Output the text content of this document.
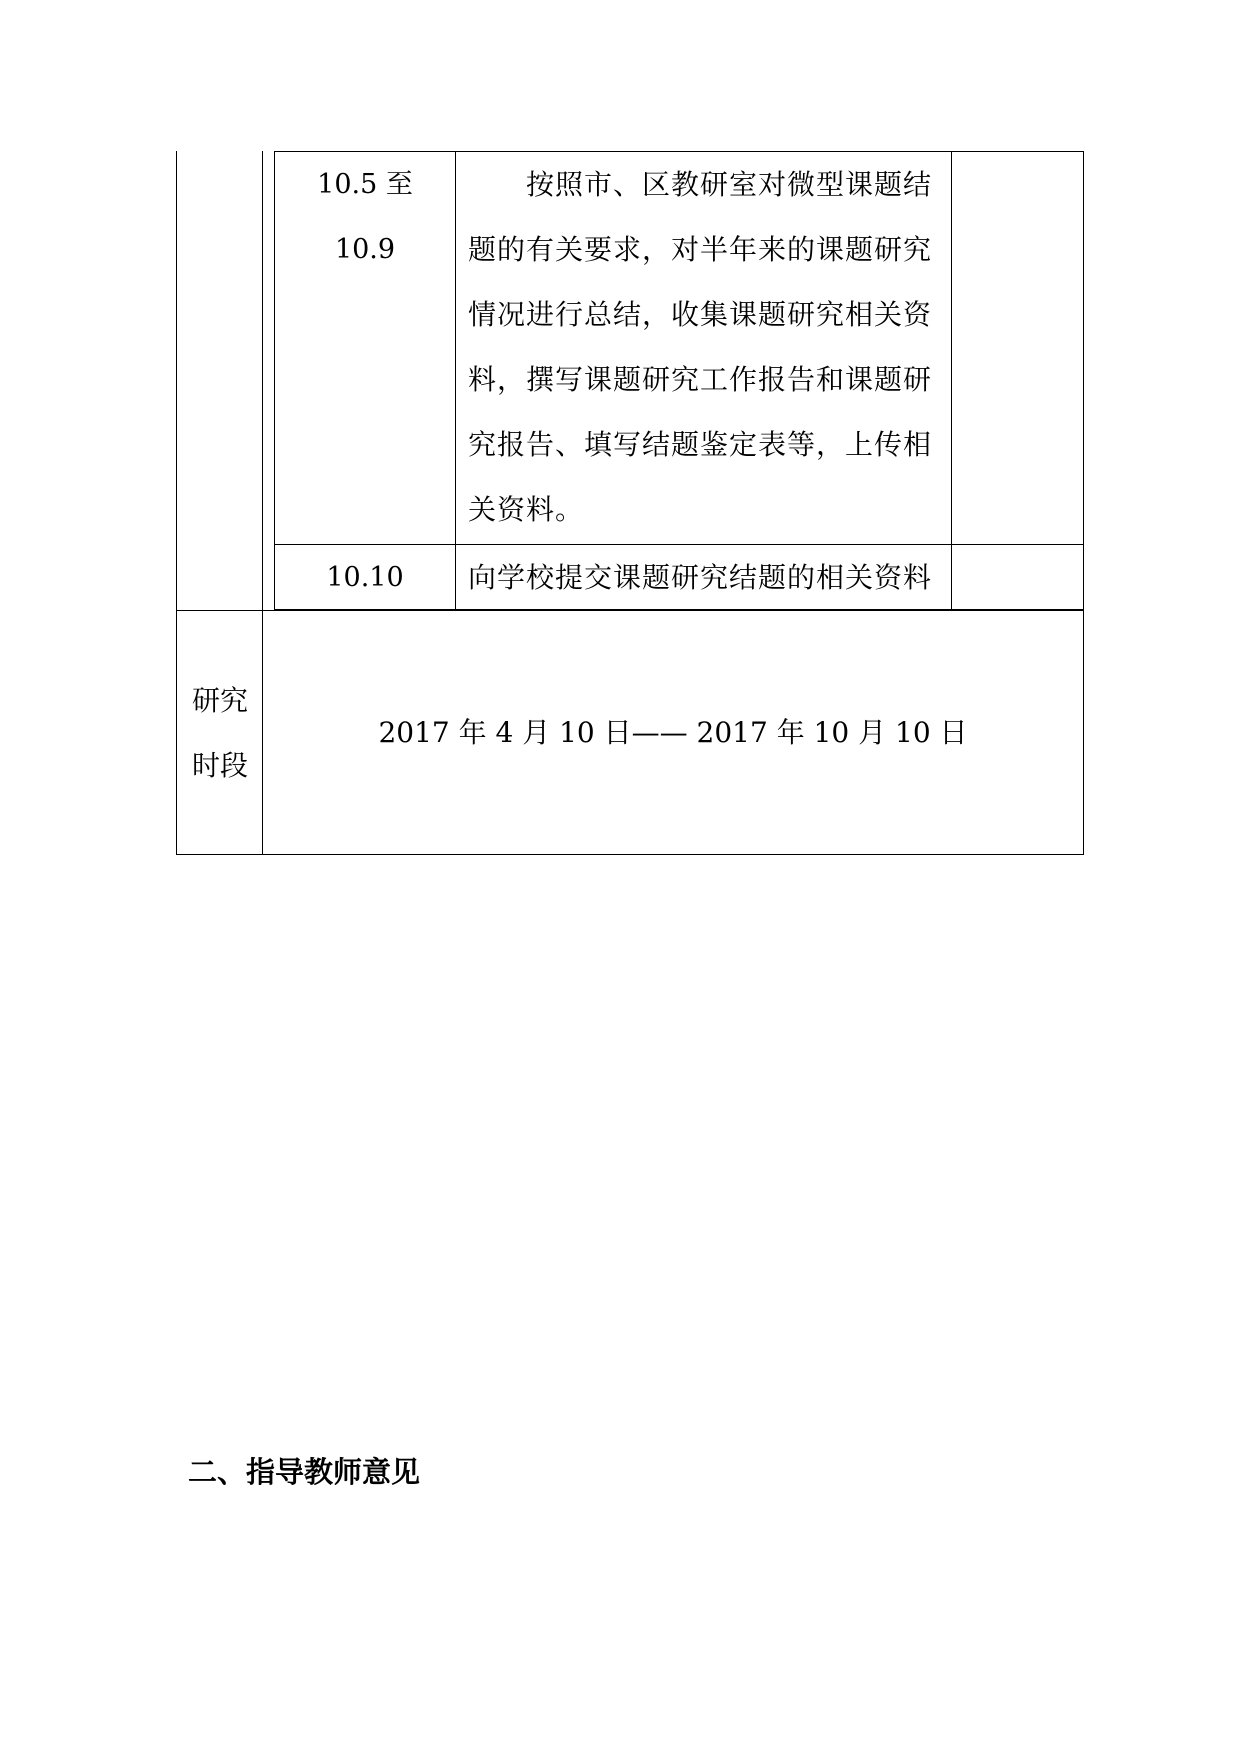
10.5 至
10.9
按照市、区教研室对微型课题结
题的有关要求，对半年来的课题研究
情况进行总结，收集课题研究相关资
料，撰写课题研究工作报告和课题研
究报告、填写结题鉴定表等，上传相
关资料。
10.10	向学校提交课题研究结题的相关资料
研究
时段
2017 年 4 月 10 日—— 2017 年 10 月 10 日
二、指导教师意见
